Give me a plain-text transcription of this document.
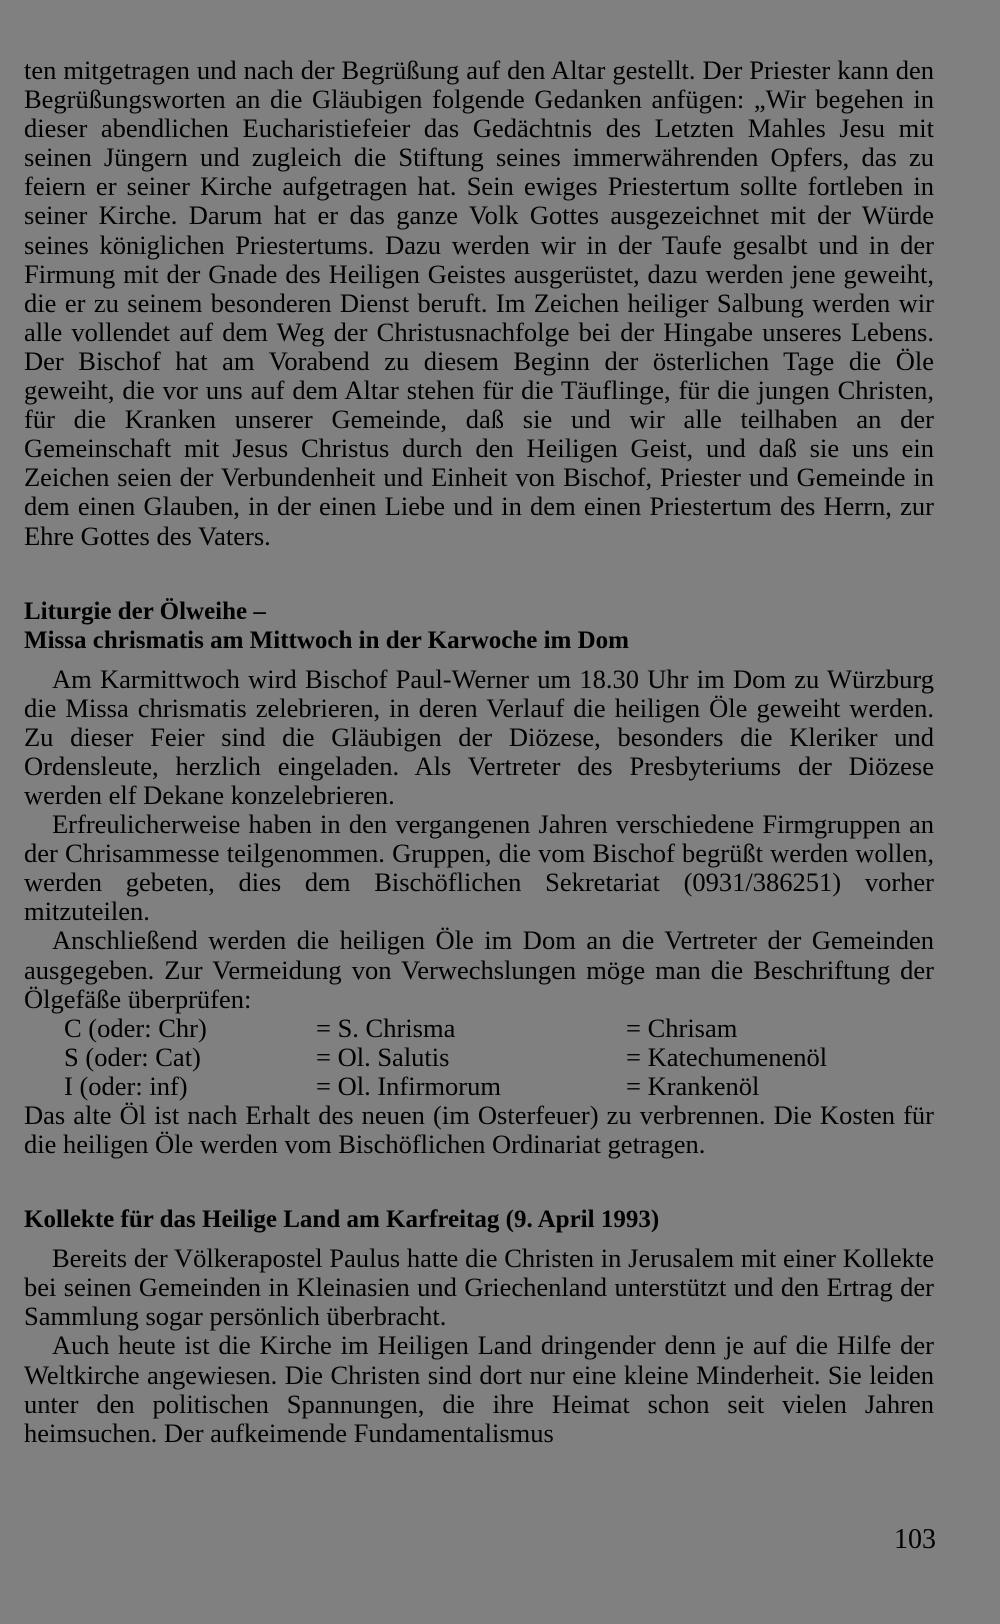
ten mitgetragen und nach der Begrüßung auf den Altar gestellt. Der Priester kann den Begrüßungsworten an die Gläubigen folgende Gedanken anfügen: „Wir begehen in dieser abendlichen Eucharistiefeier das Gedächtnis des Letzten Mahles Jesu mit seinen Jüngern und zugleich die Stiftung seines immerwährenden Opfers, das zu feiern er seiner Kirche aufgetragen hat. Sein ewiges Priestertum sollte fortleben in seiner Kirche. Darum hat er das ganze Volk Gottes ausgezeichnet mit der Würde seines königlichen Priestertums. Dazu werden wir in der Taufe gesalbt und in der Firmung mit der Gnade des Heiligen Geistes ausgerüstet, dazu werden jene geweiht, die er zu seinem besonderen Dienst beruft. Im Zeichen heiliger Salbung werden wir alle vollendet auf dem Weg der Christusnachfolge bei der Hingabe unseres Lebens. Der Bischof hat am Vorabend zu diesem Beginn der österlichen Tage die Öle geweiht, die vor uns auf dem Altar stehen für die Täuflinge, für die jungen Christen, für die Kranken unserer Gemeinde, daß sie und wir alle teilhaben an der Gemeinschaft mit Jesus Christus durch den Heiligen Geist, und daß sie uns ein Zeichen seien der Verbundenheit und Einheit von Bischof, Priester und Gemeinde in dem einen Glauben, in der einen Liebe und in dem einen Priestertum des Herrn, zur Ehre Gottes des Vaters.

Liturgie der Ölweihe –

Missa chrismatis am Mittwoch in der Karwoche im Dom

Am Karmittwoch wird Bischof Paul-Werner um 18.30 Uhr im Dom zu Würzburg die Missa chrismatis zelebrieren, in deren Verlauf die heiligen Öle geweiht werden. Zu dieser Feier sind die Gläubigen der Diözese, besonders die Kleriker und Ordensleute, herzlich eingeladen. Als Vertreter des Presbyteriums der Diözese werden elf Dekane konzelebrieren.

Erfreulicherweise haben in den vergangenen Jahren verschiedene Firmgruppen an der Chrisammesse teilgenommen. Gruppen, die vom Bischof begrüßt werden wollen, werden gebeten, dies dem Bischöflichen Sekretariat (0931/386251) vorher mitzuteilen.

Anschließend werden die heiligen Öle im Dom an die Vertreter der Gemeinden ausgegeben. Zur Vermeidung von Verwechslungen möge man die Beschriftung der Ölgefäße überprüfen:

C (oder: Chr)	= S. Chrisma	= Chrisam
S (oder: Cat)	= Ol. Salutis	= Katechumenenöl
I (oder: inf)	= Ol. Infirmorum	= Krankenöl

Das alte Öl ist nach Erhalt des neuen (im Osterfeuer) zu verbrennen. Die Kosten für die heiligen Öle werden vom Bischöflichen Ordinariat getragen.

Kollekte für das Heilige Land am Karfreitag (9. April 1993)

Bereits der Völkerapostel Paulus hatte die Christen in Jerusalem mit einer Kollekte bei seinen Gemeinden in Kleinasien und Griechenland unterstützt und den Ertrag der Sammlung sogar persönlich überbracht.

Auch heute ist die Kirche im Heiligen Land dringender denn je auf die Hilfe der Weltkirche angewiesen. Die Christen sind dort nur eine kleine Minderheit. Sie leiden unter den politischen Spannungen, die ihre Heimat schon seit vielen Jahren heimsuchen. Der aufkeimende Fundamentalismus

103
